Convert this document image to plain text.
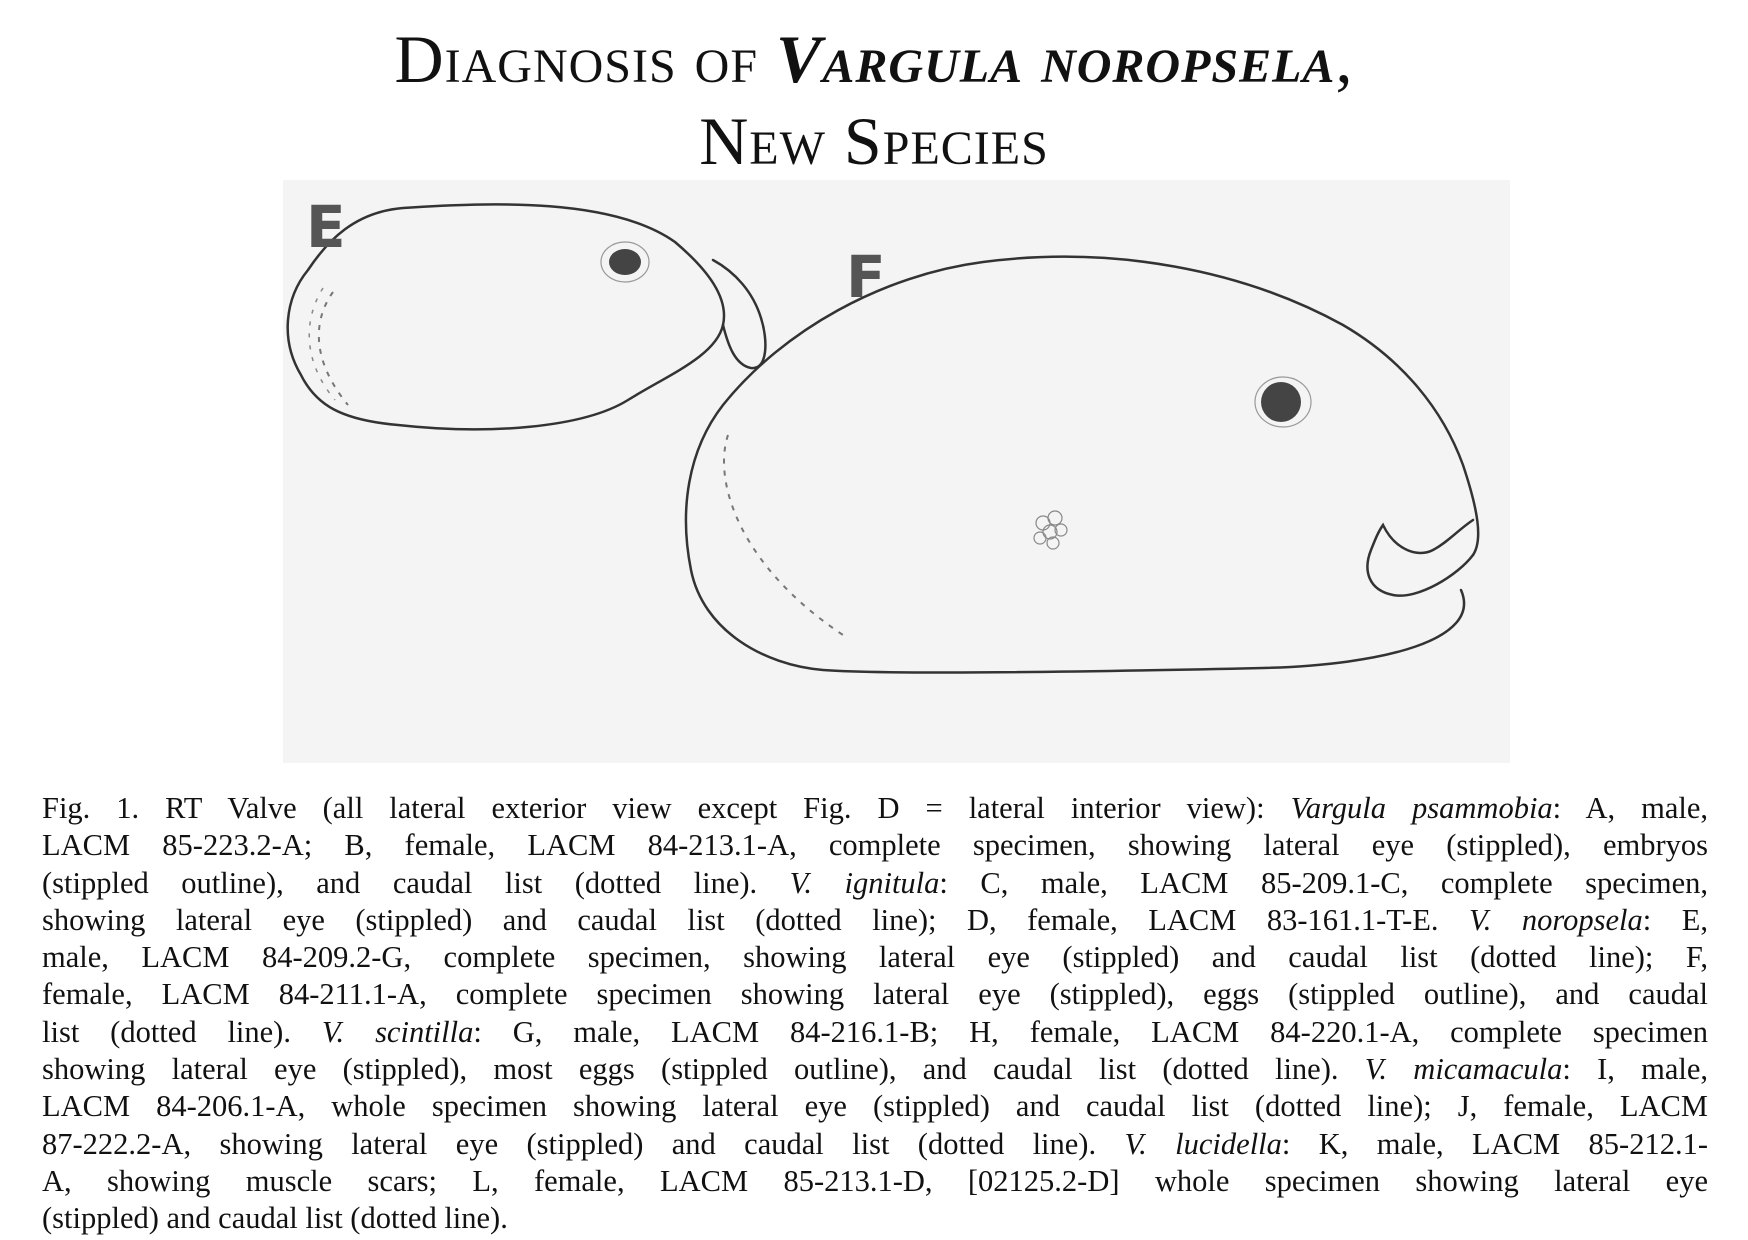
Diagnosis of Vargula noropsela,
New Species
E
F
Fig. 1. RT Valve (all lateral exterior view except Fig. D = lateral interior view): Vargula psammobia: A, male,
LACM 85-223.2-A; B, female, LACM 84-213.1-A, complete specimen, showing lateral eye (stippled), embryos
(stippled outline), and caudal list (dotted line). V. ignitula: C, male, LACM 85-209.1-C, complete specimen,
showing lateral eye (stippled) and caudal list (dotted line); D, female, LACM 83-161.1-T-E. V. noropsela: E,
male, LACM 84-209.2-G, complete specimen, showing lateral eye (stippled) and caudal list (dotted line); F,
female, LACM 84-211.1-A, complete specimen showing lateral eye (stippled), eggs (stippled outline), and caudal
list (dotted line). V. scintilla: G, male, LACM 84-216.1-B; H, female, LACM 84-220.1-A, complete specimen
showing lateral eye (stippled), most eggs (stippled outline), and caudal list (dotted line). V. micamacula: I, male,
LACM 84-206.1-A, whole specimen showing lateral eye (stippled) and caudal list (dotted line); J, female, LACM
87-222.2-A, showing lateral eye (stippled) and caudal list (dotted line). V. lucidella: K, male, LACM 85-212.1-
A, showing muscle scars; L, female, LACM 85-213.1-D, [02125.2-D] whole specimen showing lateral eye
(stippled) and caudal list (dotted line).
